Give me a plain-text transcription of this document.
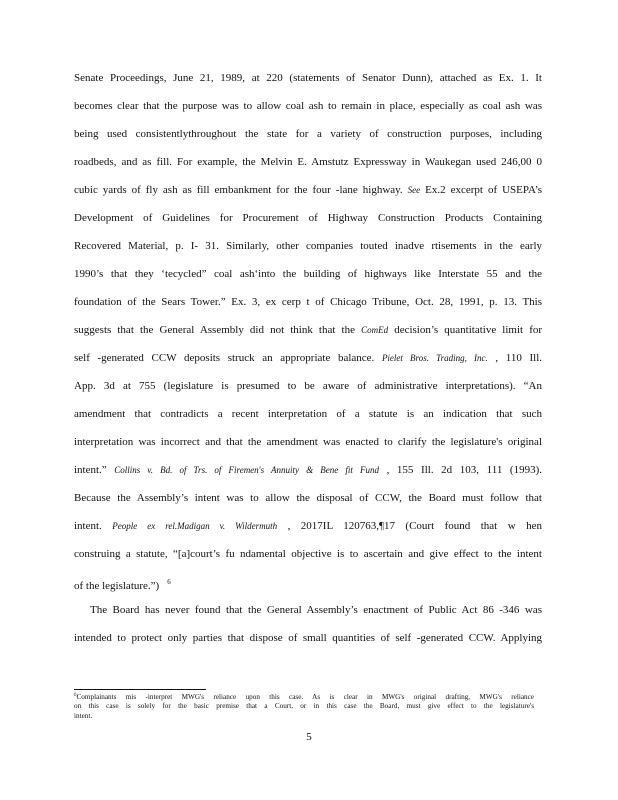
Senate Proceedings, June 21, 1989, at 220 (statements of Senator Dunn), attached as Ex. 1. It
becomes clear that the purpose was to allow coal ash to remain in place, especially as coal ash was
being used consistentlythroughout the state for a variety of construction purposes, including
roadbeds, and as fill. For example, the Melvin E. Amstutz Expressway in Waukegan used 246,00 0
cubic yards of fly ash as fill embankment for the four -lane highway. See Ex.2 excerpt of USEPA’s
Development of Guidelines for Procurement of Highway Construction Products Containing
Recovered Material, p. I- 31. Similarly, other companies touted inadve rtisements in the early
1990’s that they ‘tecycled” coal ash‘into the building of highways like Interstate 55 and the
foundation of the Sears Tower.” Ex. 3, ex cerp t of Chicago Tribune, Oct. 28, 1991, p. 13. This
suggests that the General Assembly did not think that the ComEd decision’s quantitative limit for
self -generated CCW deposits struck an appropriate balance. Pielet Bros. Trading, Inc. , 110 Ill.
App. 3d at 755 (legislature is presumed to be aware of administrative interpretations). “An
amendment that contradicts a recent interpretation of a statute is an indication that such
interpretation was incorrect and that the amendment was enacted to clarify the legislature's original
intent.” Collins v. Bd. of Trs. of Firemen's Annuity & Bene fit Fund , 155 Ill. 2d 103, 111 (1993).
Because the Assembly’s intent was to allow the disposal of CCW, the Board must follow that
intent. People ex rel.Madigan v. Wildermuth , 2017IL 120763,¶17 (Court found that w hen
construing a statute, “[a]court’s fu ndamental objective is to ascertain and give effect to the intent
of the legislature.”) $^6$
The Board has never found that the General Assembly’s enactment of Public Act 86 -346 was
intended to protect only parties that dispose of small quantities of self -generated CCW. Applying
$^6$Complainants mis -interpret MWG's reliance upon this case. As is clear in MWG's original drafting, MWG's reliance
on this case is solely for the basic premise that a Court, or in this case the Board, must give effect to the legislature's
intent.
5
